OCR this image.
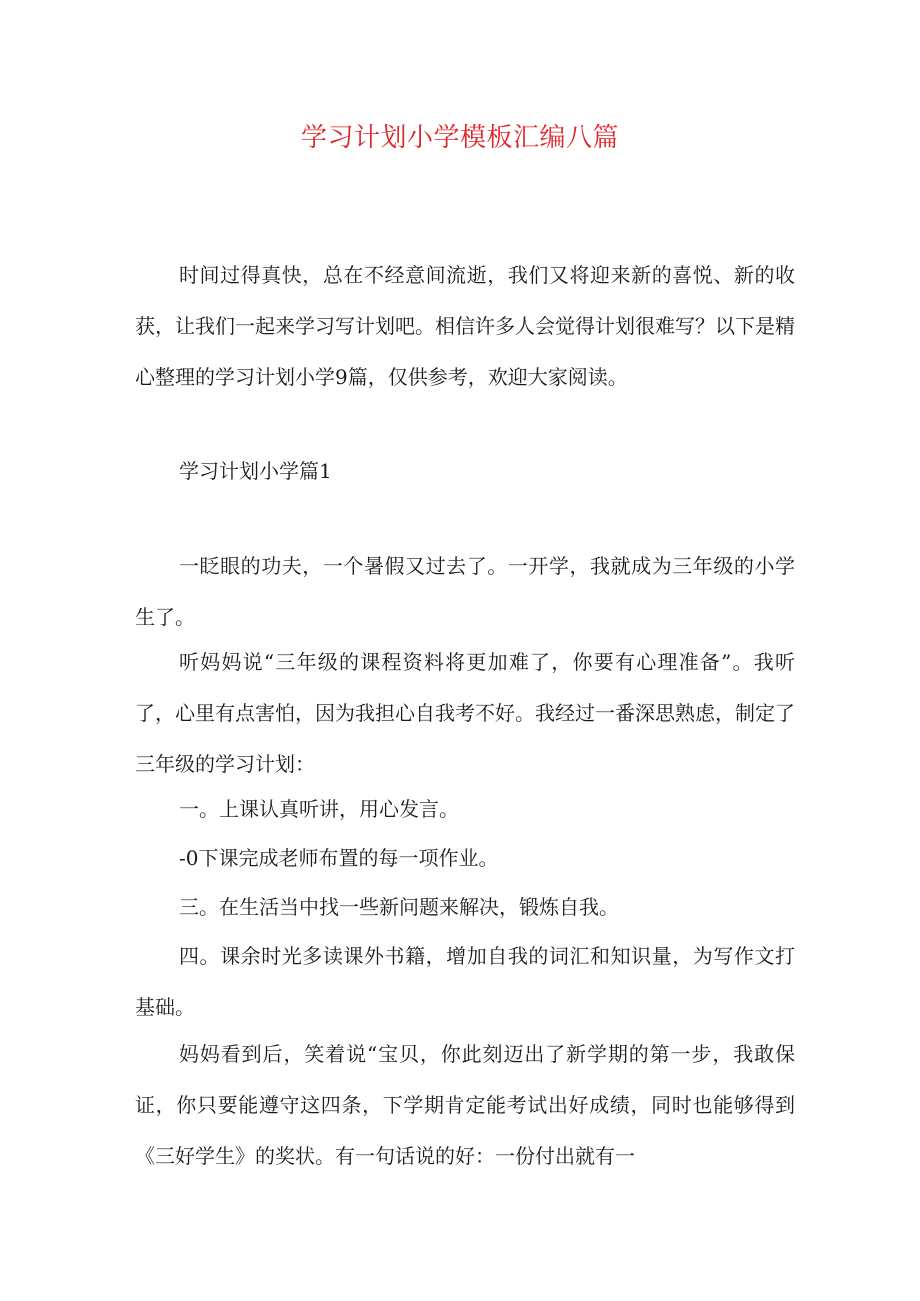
学习计划小学模板汇编八篇

时间过得真快，总在不经意间流逝，我们又将迎来新的喜悦、新的收获，让我们一起来学习写计划吧。相信许多人会觉得计划很难写？以下是精心整理的学习计划小学9篇，仅供参考，欢迎大家阅读。

学习计划小学篇1

一眨眼的功夫，一个暑假又过去了。一开学，我就成为三年级的小学生了。

听妈妈说“三年级的课程资料将更加难了，你要有心理准备”。我听了，心里有点害怕，因为我担心自我考不好。我经过一番深思熟虑，制定了三年级的学习计划：

一。上课认真听讲，用心发言。

-0下课完成老师布置的每一项作业。

三。在生活当中找一些新问题来解决，锻炼自我。

四。课余时光多读课外书籍，增加自我的词汇和知识量，为写作文打基础。

妈妈看到后，笑着说“宝贝，你此刻迈出了新学期的第一步，我敢保证，你只要能遵守这四条，下学期肯定能考试出好成绩，同时也能够得到《三好学生》的奖状。有一句话说的好：一份付出就有一
